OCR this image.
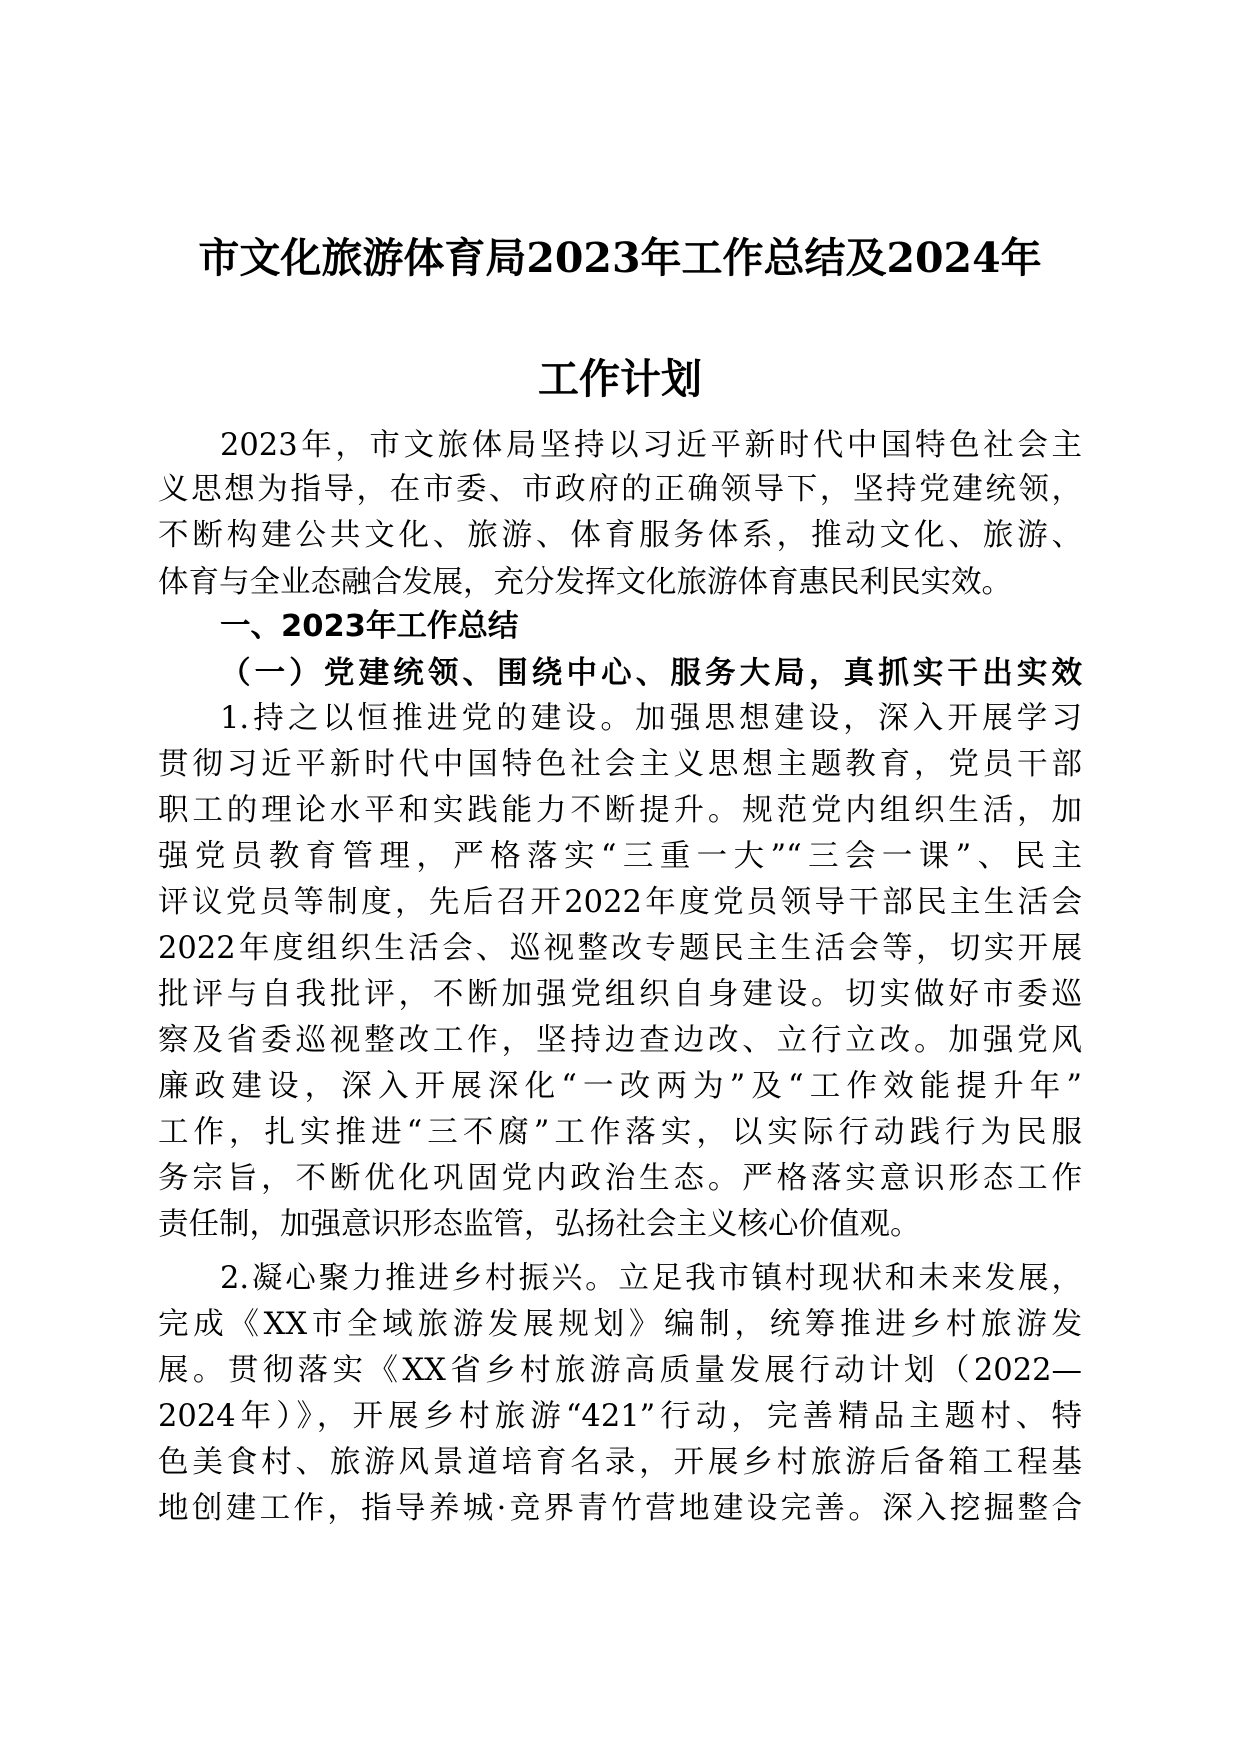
市文化旅游体育局2023年工作总结及2024年
工作计划

2023年，市文旅体局坚持以习近平新时代中国特色社会主

义思想为指导，在市委、市政府的正确领导下，坚持党建统领，

不断构建公共文化、旅游、体育服务体系，推动文化、旅游、

体育与全业态融合发展，充分发挥文化旅游体育惠民利民实效。

一、2023年工作总结
（一）党建统领、围绕中心、服务大局，真抓实干出实效

1.持之以恒推进党的建设。加强思想建设，深入开展学习

贯彻习近平新时代中国特色社会主义思想主题教育，党员干部

职工的理论水平和实践能力不断提升。规范党内组织生活，加

强党员教育管理，严格落实“三重一大”“三会一课”、民主

评议党员等制度，先后召开2022年度党员领导干部民主生活会

2022年度组织生活会、巡视整改专题民主生活会等，切实开展

批评与自我批评，不断加强党组织自身建设。切实做好市委巡

察及省委巡视整改工作，坚持边查边改、立行立改。加强党风

廉政建设，深入开展深化“一改两为”及“工作效能提升年”

工作，扎实推进“三不腐”工作落实，以实际行动践行为民服

务宗旨，不断优化巩固党内政治生态。严格落实意识形态工作

责任制，加强意识形态监管，弘扬社会主义核心价值观。

2.凝心聚力推进乡村振兴。立足我市镇村现状和未来发展，

完成《XX市全域旅游发展规划》编制，统筹推进乡村旅游发

展。贯彻落实《XX省乡村旅游高质量发展行动计划（2022—

2024年）》，开展乡村旅游“421”行动，完善精品主题村、特

色美食村、旅游风景道培育名录，开展乡村旅游后备箱工程基

地创建工作，指导养城·竞界青竹营地建设完善。深入挖掘整合
